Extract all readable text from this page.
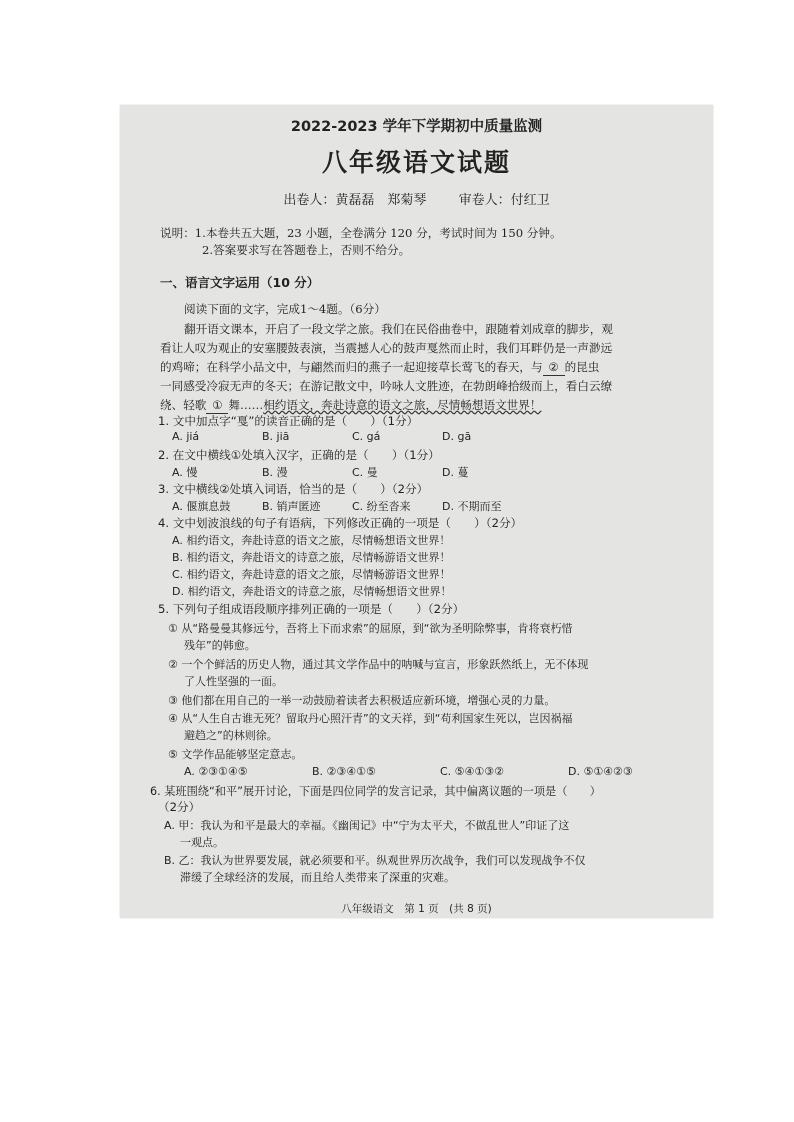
2022-2023 学年下学期初中质量监测
八年级语文试题
出卷人：黄磊磊　郑菊琴 审卷人：付红卫
说明：1.本卷共五大题，23 小题，全卷满分 120 分，考试时间为 150 分钟。
2.答案要求写在答题卷上，否则不给分。
一、语言文字运用（10 分）
阅读下面的文字，完成1～4题。（6分）
翻开语文课本，开启了一段文学之旅。我们在民俗曲卷中，跟随着刘成章的脚步，观
看让人叹为观止的安塞腰鼓表演，当震撼人心的鼓声戛然而止时，我们耳畔仍是一声渺远
的鸡啼；在科学小品文中，与翩然而归的燕子一起迎接草长莺飞的春天，与 ② 的昆虫
一同感受冷寂无声的冬天；在游记散文中，吟咏人文胜迹，在勃朗峰拾级而上，看白云缭
绕、轻歌 ① 舞……相约语文，奔赴诗意的语文之旅，尽情畅想语文世界！
1. 文中加点字“戛”的读音正确的是（　　）（1分）
A. jiá	B. jiā	C. gá	D. gā
2. 在文中横线①处填入汉字，正确的是（　　）（1分）
A. 慢	B. 漫	C. 曼	D. 蔓
3. 文中横线②处填入词语，恰当的是（　　）（2分）
A. 偃旗息鼓	B. 销声匿迹	C. 纷至沓来	D. 不期而至
4. 文中划波浪线的句子有语病，下列修改正确的一项是（　　）（2分）
A. 相约语文，奔赴诗意的语文之旅，尽情畅想语文世界！
B. 相约语文，奔赴语文的诗意之旅，尽情畅游语文世界！
C. 相约语文，奔赴诗意的语文之旅，尽情畅游语文世界！
D. 相约语文，奔赴语文的诗意之旅，尽情畅想语文世界！
5. 下列句子组成语段顺序排列正确的一项是（　　）（2分）
① 从“路曼曼其修远兮，吾将上下而求索”的屈原，到“欲为圣明除弊事，肯将衰朽惜
残年”的韩愈。
② 一个个鲜活的历史人物，通过其文学作品中的呐喊与宣言，形象跃然纸上，无不体现
了人性坚强的一面。
③ 他们都在用自己的一举一动鼓励着读者去积极适应新环境，增强心灵的力量。
④ 从“人生自古谁无死？留取丹心照汗青”的文天祥，到“苟利国家生死以，岂因祸福
避趋之”的林则徐。
⑤ 文学作品能够坚定意志。
A. ②③①④⑤	B. ②③④①⑤	C. ⑤④①③②	D. ⑤①④②③
6. 某班围绕“和平”展开讨论，下面是四位同学的发言记录，其中偏离议题的一项是（　　）
（2分）
A. 甲：我认为和平是最大的幸福。《幽闺记》中“宁为太平犬，不做乱世人”印证了这
一观点。
B. 乙：我认为世界要发展，就必须要和平。纵观世界历次战争，我们可以发现战争不仅
滞缓了全球经济的发展，而且给人类带来了深重的灾难。
八年级语文　第 1 页　(共 8 页)
